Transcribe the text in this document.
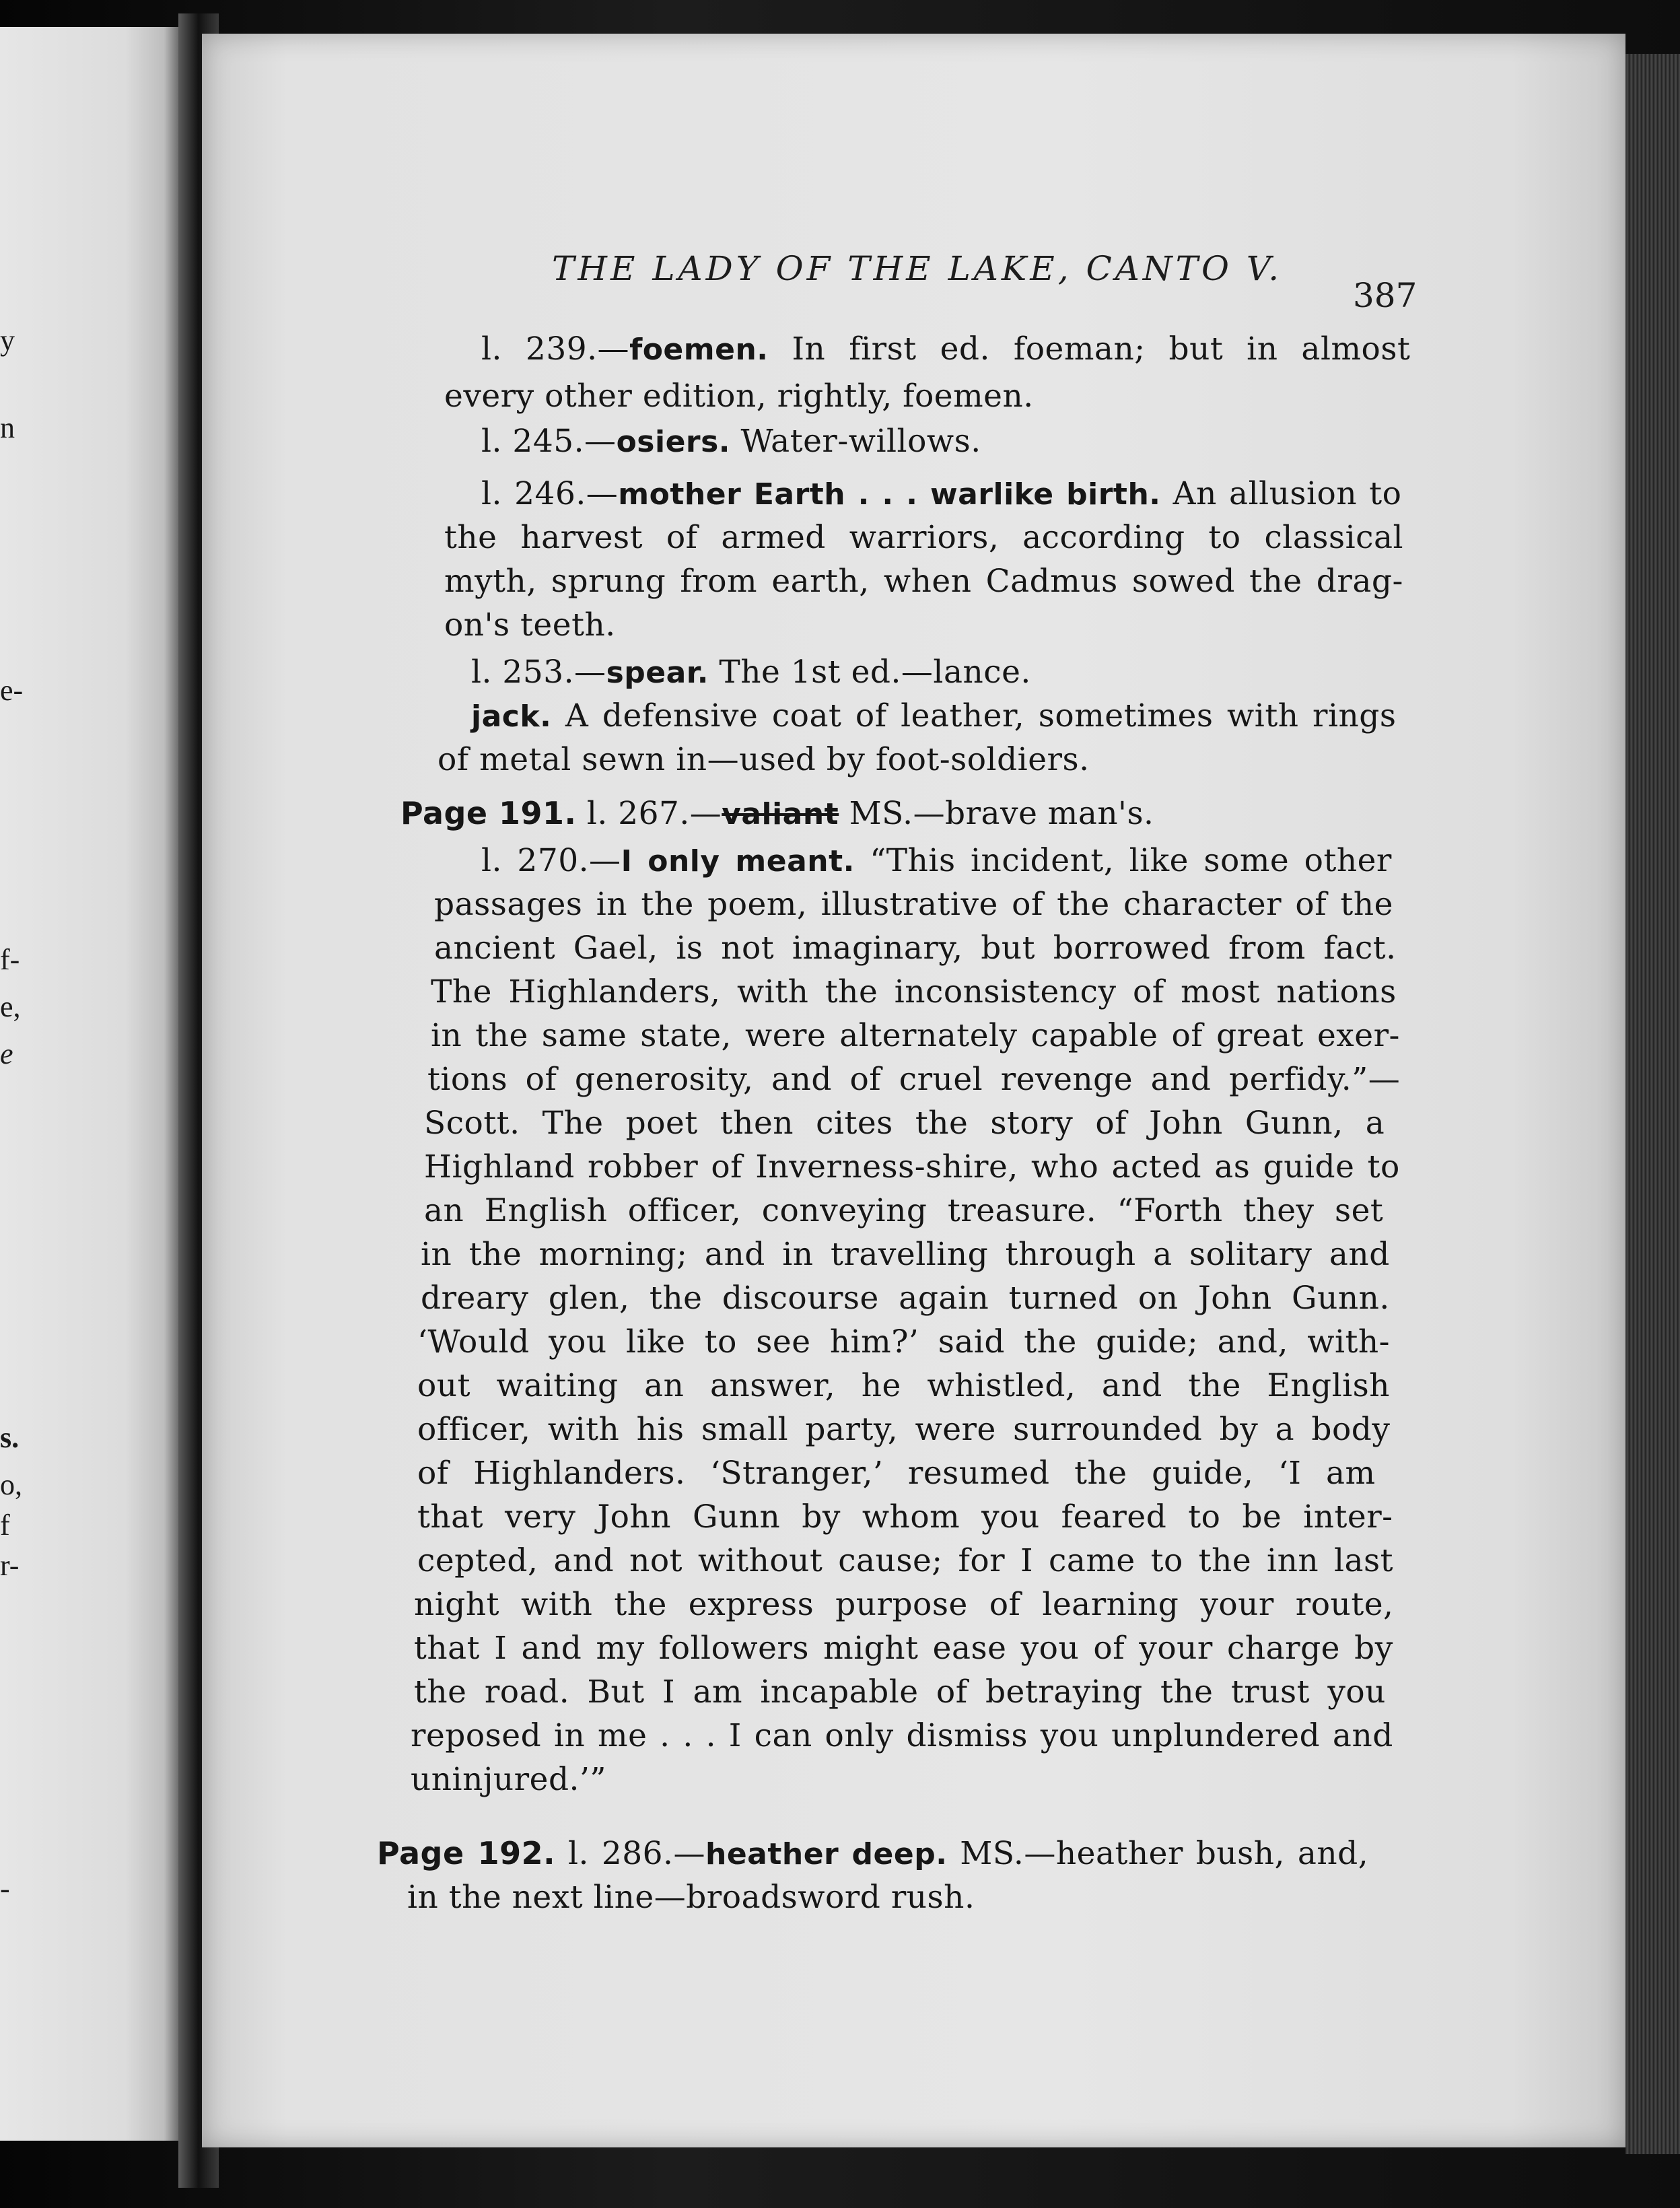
y
n
e-
f-
e,
e
s.
o,
f
r-
-
THE LADY OF THE LAKE, CANTO V.
387
l. 239.—foemen. In first ed. foeman; but in almost
every other edition, rightly, foemen.
l. 245.—osiers. Water-willows.
l. 246.—mother Earth . . . warlike birth. An allusion to
the harvest of armed warriors, according to classical
myth, sprung from earth, when Cadmus sowed the drag-
on's teeth.
l. 253.—spear. The 1st ed.—lance.
jack. A defensive coat of leather, sometimes with rings
of metal sewn in—used by foot-soldiers.
Page 191. l. 267.—valiant MS.—brave man's.
l. 270.—I only meant. “This incident, like some other
passages in the poem, illustrative of the character of the
ancient Gael, is not imaginary, but borrowed from fact.
The Highlanders, with the inconsistency of most nations
in the same state, were alternately capable of great exer-
tions of generosity, and of cruel revenge and perfidy.”—
Scott. The poet then cites the story of John Gunn, a
Highland robber of Inverness-shire, who acted as guide to
an English officer, conveying treasure. “Forth they set
in the morning; and in travelling through a solitary and
dreary glen, the discourse again turned on John Gunn.
‘Would you like to see him?’ said the guide; and, with-
out waiting an answer, he whistled, and the English
officer, with his small party, were surrounded by a body
of Highlanders. ‘Stranger,’ resumed the guide, ‘I am
that very John Gunn by whom you feared to be inter-
cepted, and not without cause; for I came to the inn last
night with the express purpose of learning your route,
that I and my followers might ease you of your charge by
the road. But I am incapable of betraying the trust you
reposed in me . . . I can only dismiss you unplundered and
uninjured.’”
Page 192. l. 286.—heather deep. MS.—heather bush, and,
in the next line—broadsword rush.
